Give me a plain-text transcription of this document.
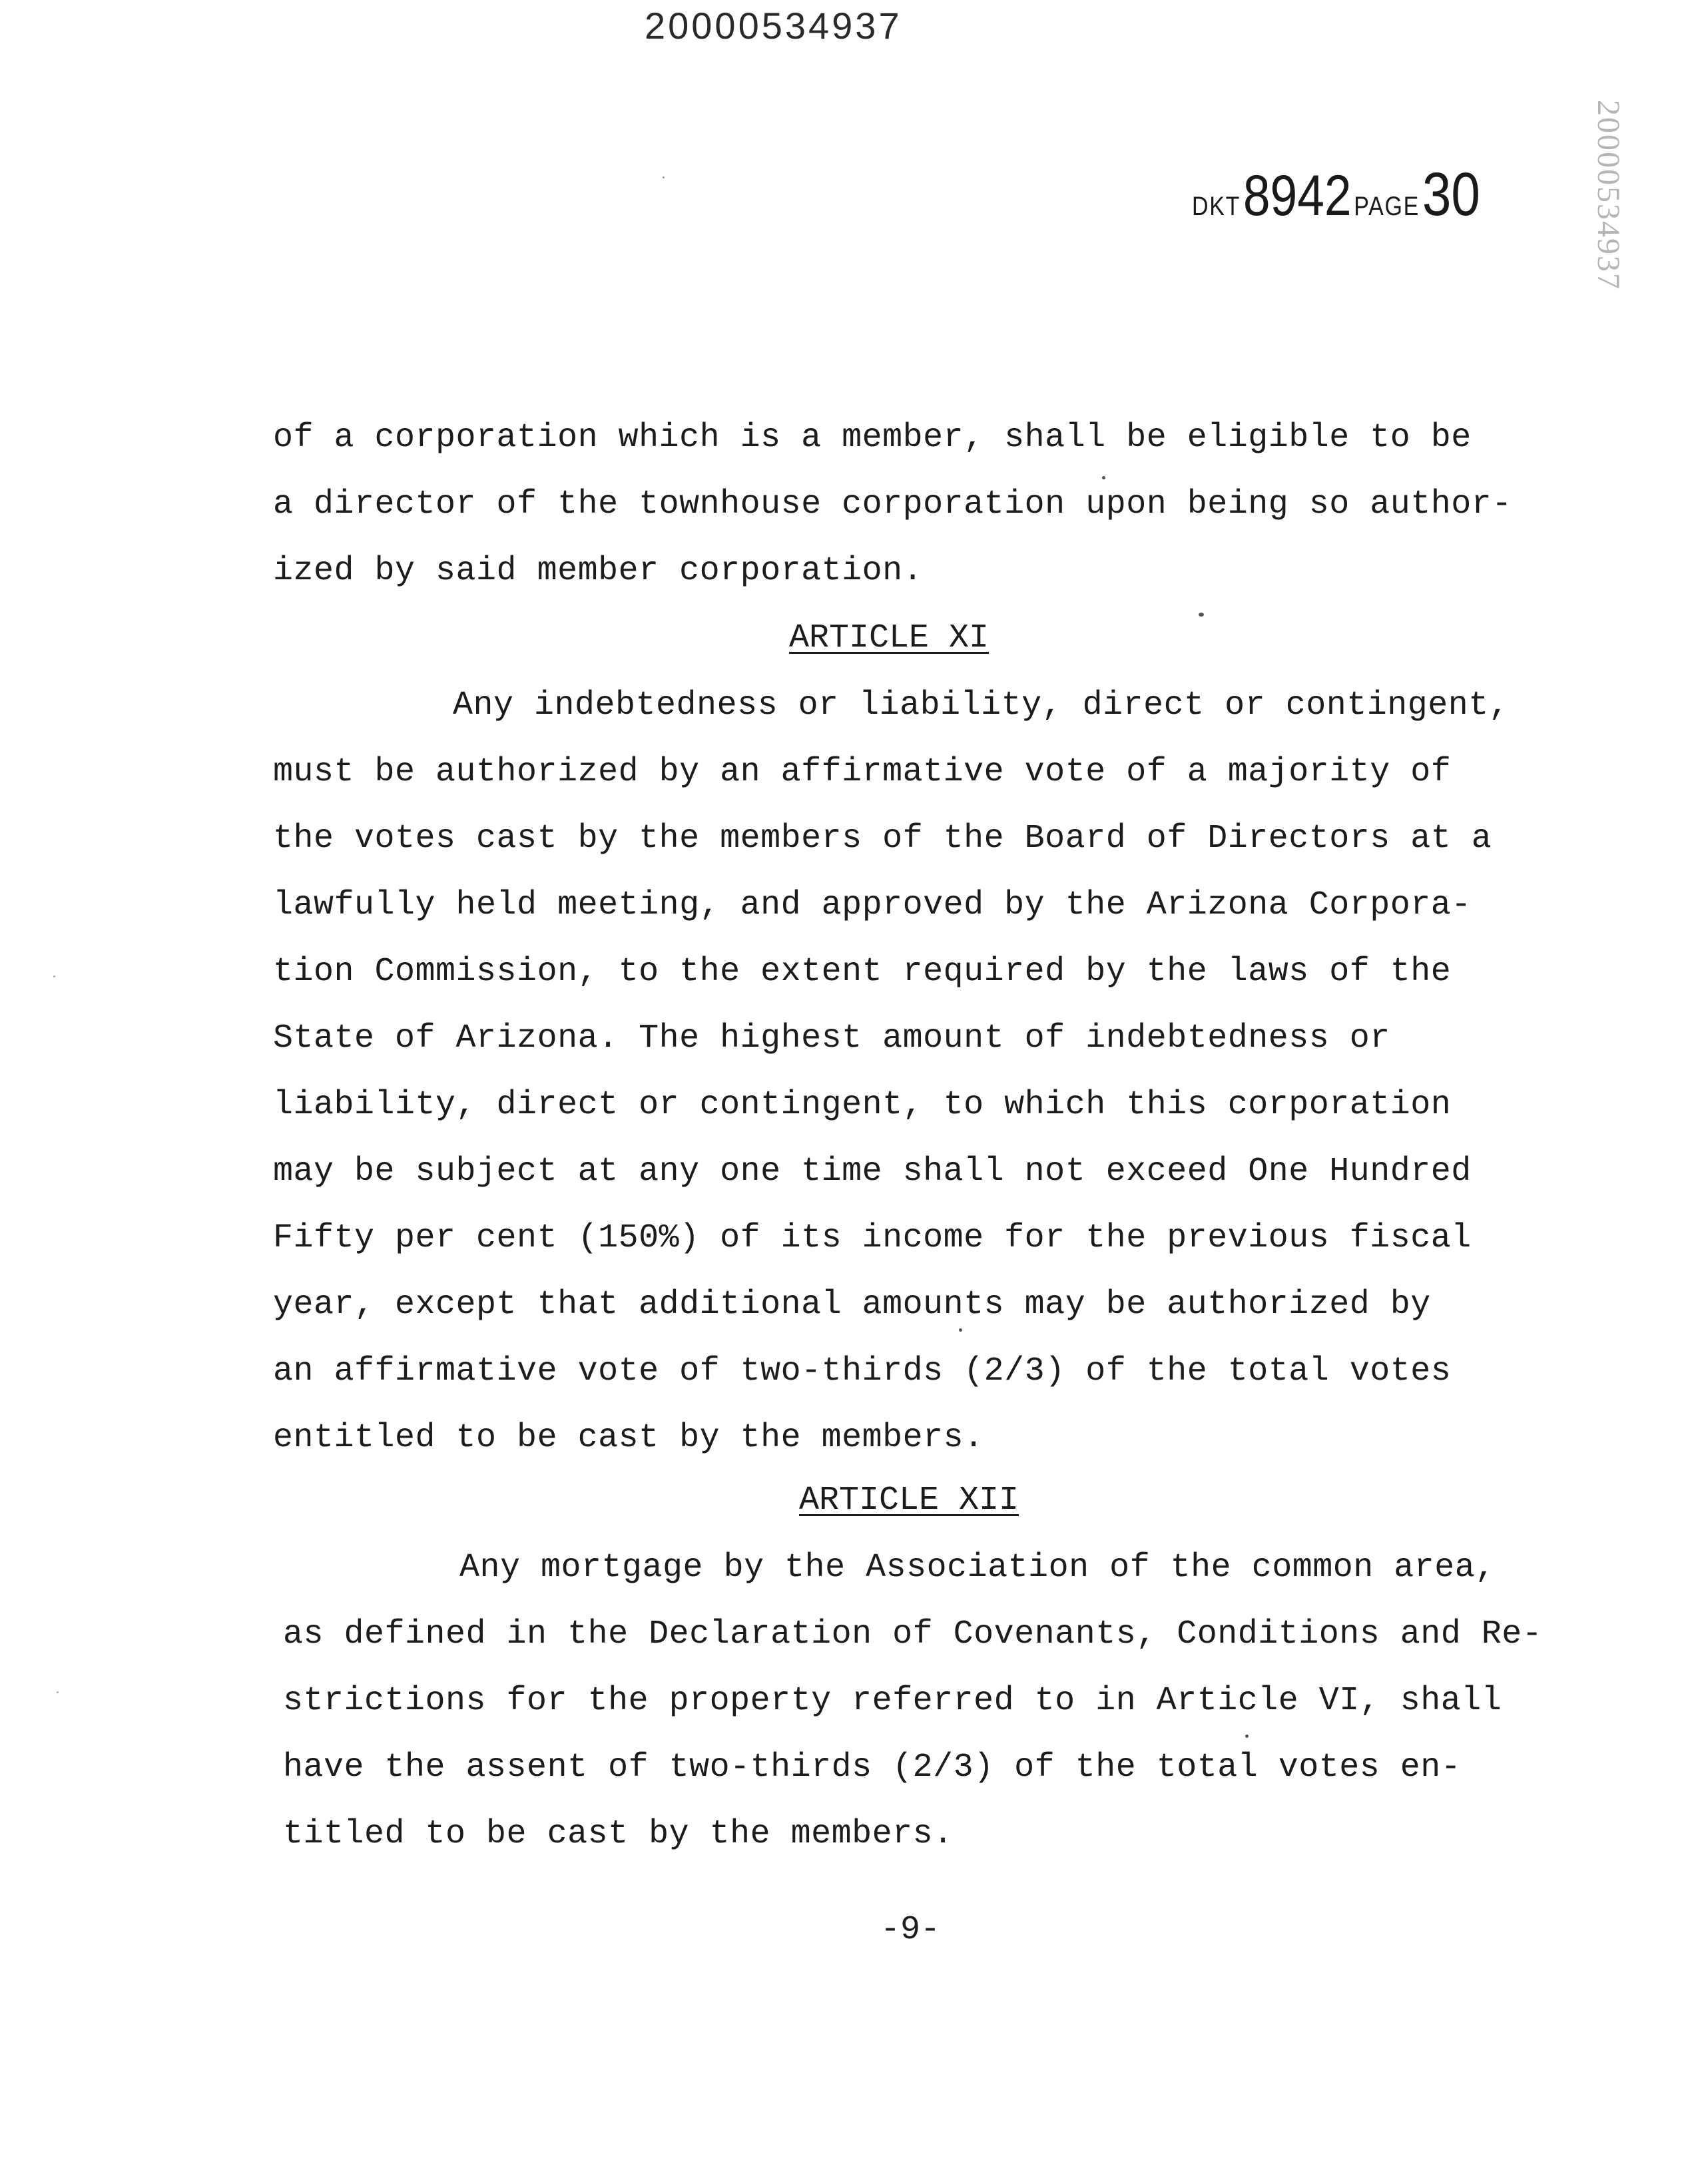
20000534937
DKT 8942 PAGE 30	20000534937
of a corporation which is a member, shall be eligible to be
a director of the townhouse corporation upon being so author-
ized by said member corporation.
ARTICLE XI
Any indebtedness or liability, direct or contingent,
must be authorized by an affirmative vote of a majority of
the votes cast by the members of the Board of Directors at a
lawfully held meeting, and approved by the Arizona Corpora-
tion Commission, to the extent required by the laws of the
State of Arizona. The highest amount of indebtedness or
liability, direct or contingent, to which this corporation
may be subject at any one time shall not exceed One Hundred
Fifty per cent (150%) of its income for the previous fiscal
year, except that additional amounts may be authorized by
an affirmative vote of two-thirds (2/3) of the total votes
entitled to be cast by the members.
ARTICLE XII
Any mortgage by the Association of the common area,
as defined in the Declaration of Covenants, Conditions and Re-
strictions for the property referred to in Article VI, shall
have the assent of two-thirds (2/3) of the total votes en-
titled to be cast by the members.
-9-
